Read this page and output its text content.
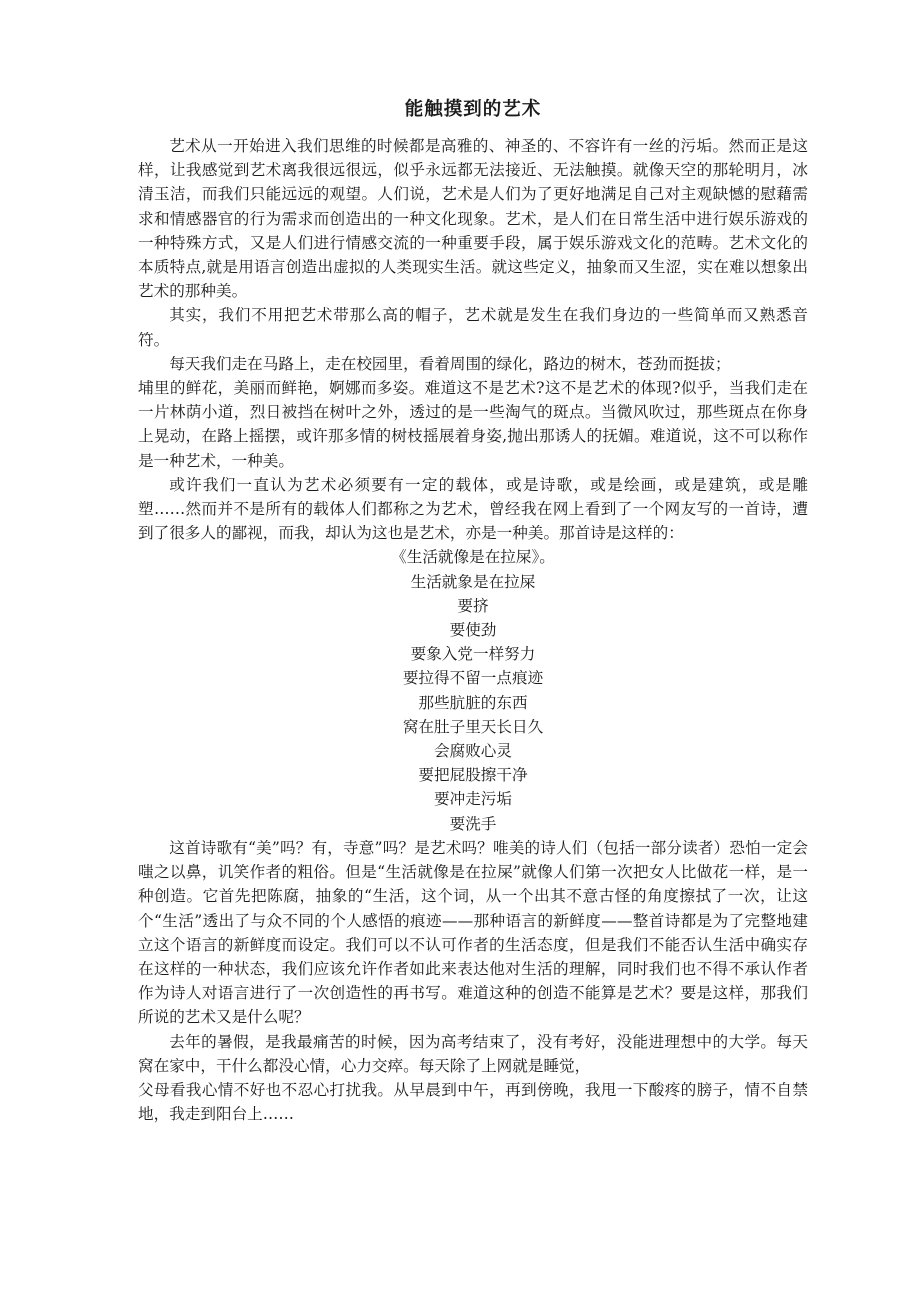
能触摸到的艺术

艺术从一开始进入我们思维的时候都是高雅的、神圣的、不容许有一丝的污垢。然而正是这样，让我感觉到艺术离我很远很远，似乎永远都无法接近、无法触摸。就像天空的那轮明月，冰清玉洁，而我们只能远远的观望。人们说，艺术是人们为了更好地满足自己对主观缺憾的慰藉需求和情感器官的行为需求而创造出的一种文化现象。艺术，是人们在日常生活中进行娱乐游戏的一种特殊方式，又是人们进行情感交流的一种重要手段，属于娱乐游戏文化的范畴。艺术文化的本质特点,就是用语言创造出虚拟的人类现实生活。就这些定义，抽象而又生涩，实在难以想象出艺术的那种美。

其实，我们不用把艺术带那么高的帽子，艺术就是发生在我们身边的一些简单而又熟悉音符。

每天我们走在马路上，走在校园里，看着周围的绿化，路边的树木，苍劲而挺拔；

埔里的鲜花，美丽而鲜艳，婀娜而多姿。难道这不是艺术?这不是艺术的体现?似乎，当我们走在一片林荫小道，烈日被挡在树叶之外，透过的是一些淘气的斑点。当微风吹过，那些斑点在你身上晃动，在路上摇摆，或许那多情的树枝摇展着身姿,抛出那诱人的抚媚。难道说，这不可以称作是一种艺术，一种美。

或许我们一直认为艺术必须要有一定的载体，或是诗歌，或是绘画，或是建筑，或是雕塑……然而并不是所有的载体人们都称之为艺术，曾经我在网上看到了一个网友写的一首诗，遭到了很多人的鄙视，而我，却认为这也是艺术，亦是一种美。那首诗是这样的：

《生活就像是在拉屎》。
生活就象是在拉屎
要挤
要使劲
要象入党一样努力
要拉得不留一点痕迹
那些肮脏的东西
窝在肚子里天长日久
会腐败心灵
要把屁股擦干净
要冲走污垢
要洗手

这首诗歌有“美”吗？有，寺意”吗？是艺术吗？唯美的诗人们（包括一部分读者）恐怕一定会嗤之以鼻，讥笑作者的粗俗。但是“生活就像是在拉屎”就像人们第一次把女人比做花一样，是一种创造。它首先把陈腐，抽象的“生活，这个词，从一个出其不意古怪的角度擦拭了一次，让这个“生活”透出了与众不同的个人感悟的痕迹——那种语言的新鲜度——整首诗都是为了完整地建立这个语言的新鲜度而设定。我们可以不认可作者的生活态度，但是我们不能否认生活中确实存在这样的一种状态，我们应该允许作者如此来表达他对生活的理解，同时我们也不得不承认作者作为诗人对语言进行了一次创造性的再书写。难道这种的创造不能算是艺术？要是这样，那我们所说的艺术又是什么呢？

去年的暑假，是我最痛苦的时候，因为高考结束了，没有考好，没能进理想中的大学。每天窝在家中，干什么都没心情，心力交瘁。每天除了上网就是睡觉，

父母看我心情不好也不忍心打扰我。从早晨到中午，再到傍晚，我甩一下酸疼的膀子，情不自禁地，我走到阳台上……
